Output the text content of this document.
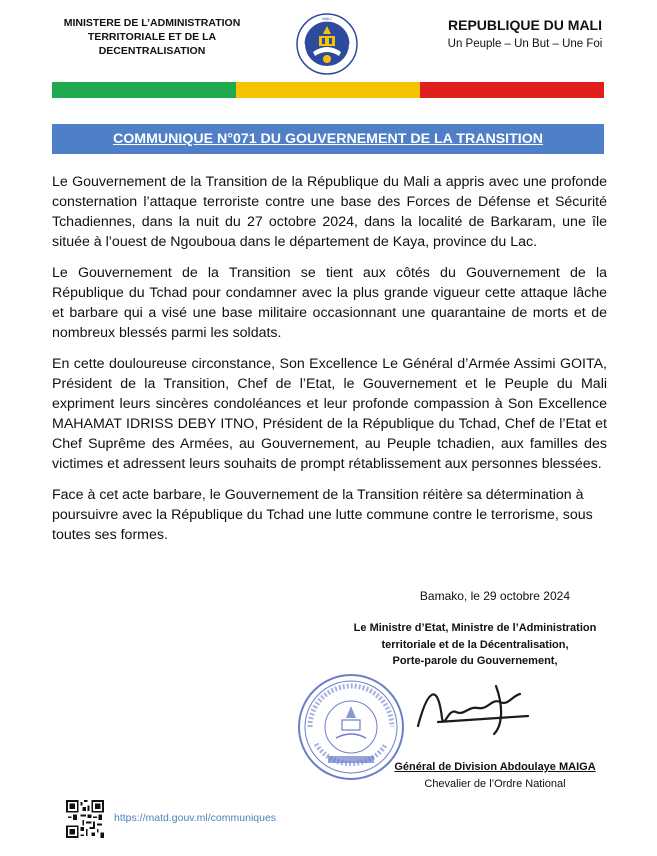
MINISTERE DE L’ADMINISTRATION
TERRITORIALE ET DE LA
DECENTRALISATION
MALI	REPUBLIQUE DU MALI
Un Peuple – Un But – Une Foi
COMMUNIQUE N°071 DU GOUVERNEMENT DE LA TRANSITION

Le Gouvernement de la Transition de la République du Mali a appris avec une profonde consternation l’attaque terroriste contre une base des Forces de Défense et Sécurité Tchadiennes, dans la nuit du 27 octobre 2024, dans la localité de Barkaram, une île située à l’ouest de Ngouboua dans le département de Kaya, province du Lac.

Le Gouvernement de la Transition se tient aux côtés du Gouvernement de la République du Tchad pour condamner avec la plus grande vigueur cette attaque lâche et barbare qui a visé une base militaire occasionnant une quarantaine de morts et de nombreux blessés parmi les soldats.

En cette douloureuse circonstance, Son Excellence Le Général d’Armée Assimi GOITA, Président de la Transition, Chef de l’Etat, le Gouvernement et le Peuple du Mali expriment leurs sincères condoléances et leur profonde compassion à Son Excellence MAHAMAT IDRISS DEBY ITNO, Président de la République du Tchad, Chef de l’Etat et Chef Suprême des Armées, au Gouvernement, au Peuple tchadien, aux familles des victimes et adressent leurs souhaits de prompt rétablissement aux personnes blessées.

Face à cet acte barbare, le Gouvernement de la Transition réitère sa détermination à poursuivre avec la République du Tchad une lutte commune contre le terrorisme, sous toutes ses formes.

Bamako, le 29 octobre 2024
Le Ministre d’Etat, Ministre de l’Administration
territoriale et de la Décentralisation,
Porte-parole du Gouvernement,
Général de Division Abdoulaye MAIGA
Chevalier de l’Ordre National
https://matd.gouv.ml/communiques
